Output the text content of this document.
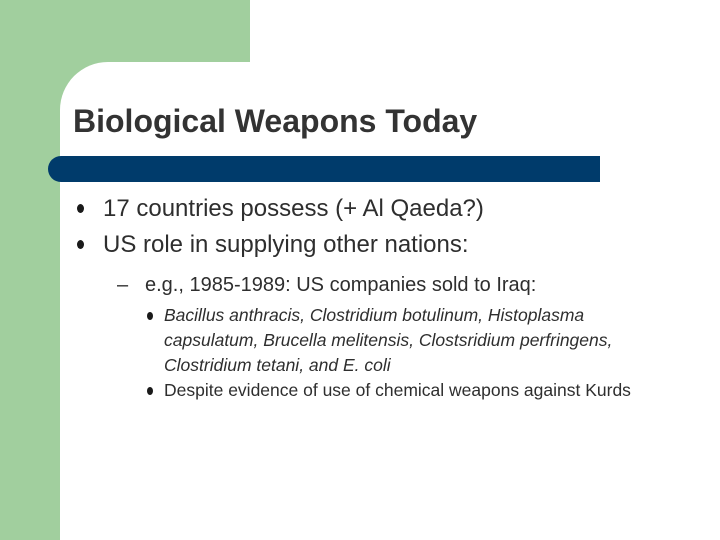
Biological Weapons Today

17 countries possess (+ Al Qaeda?)

US role in supplying other nations:

– e.g., 1985-1989: US companies sold to Iraq:

Bacillus anthracis, Clostridium botulinum, Histoplasma capsulatum, Brucella melitensis, Clostsridium perfringens, Clostridium tetani, and E. coli

Despite evidence of use of chemical weapons against Kurds
